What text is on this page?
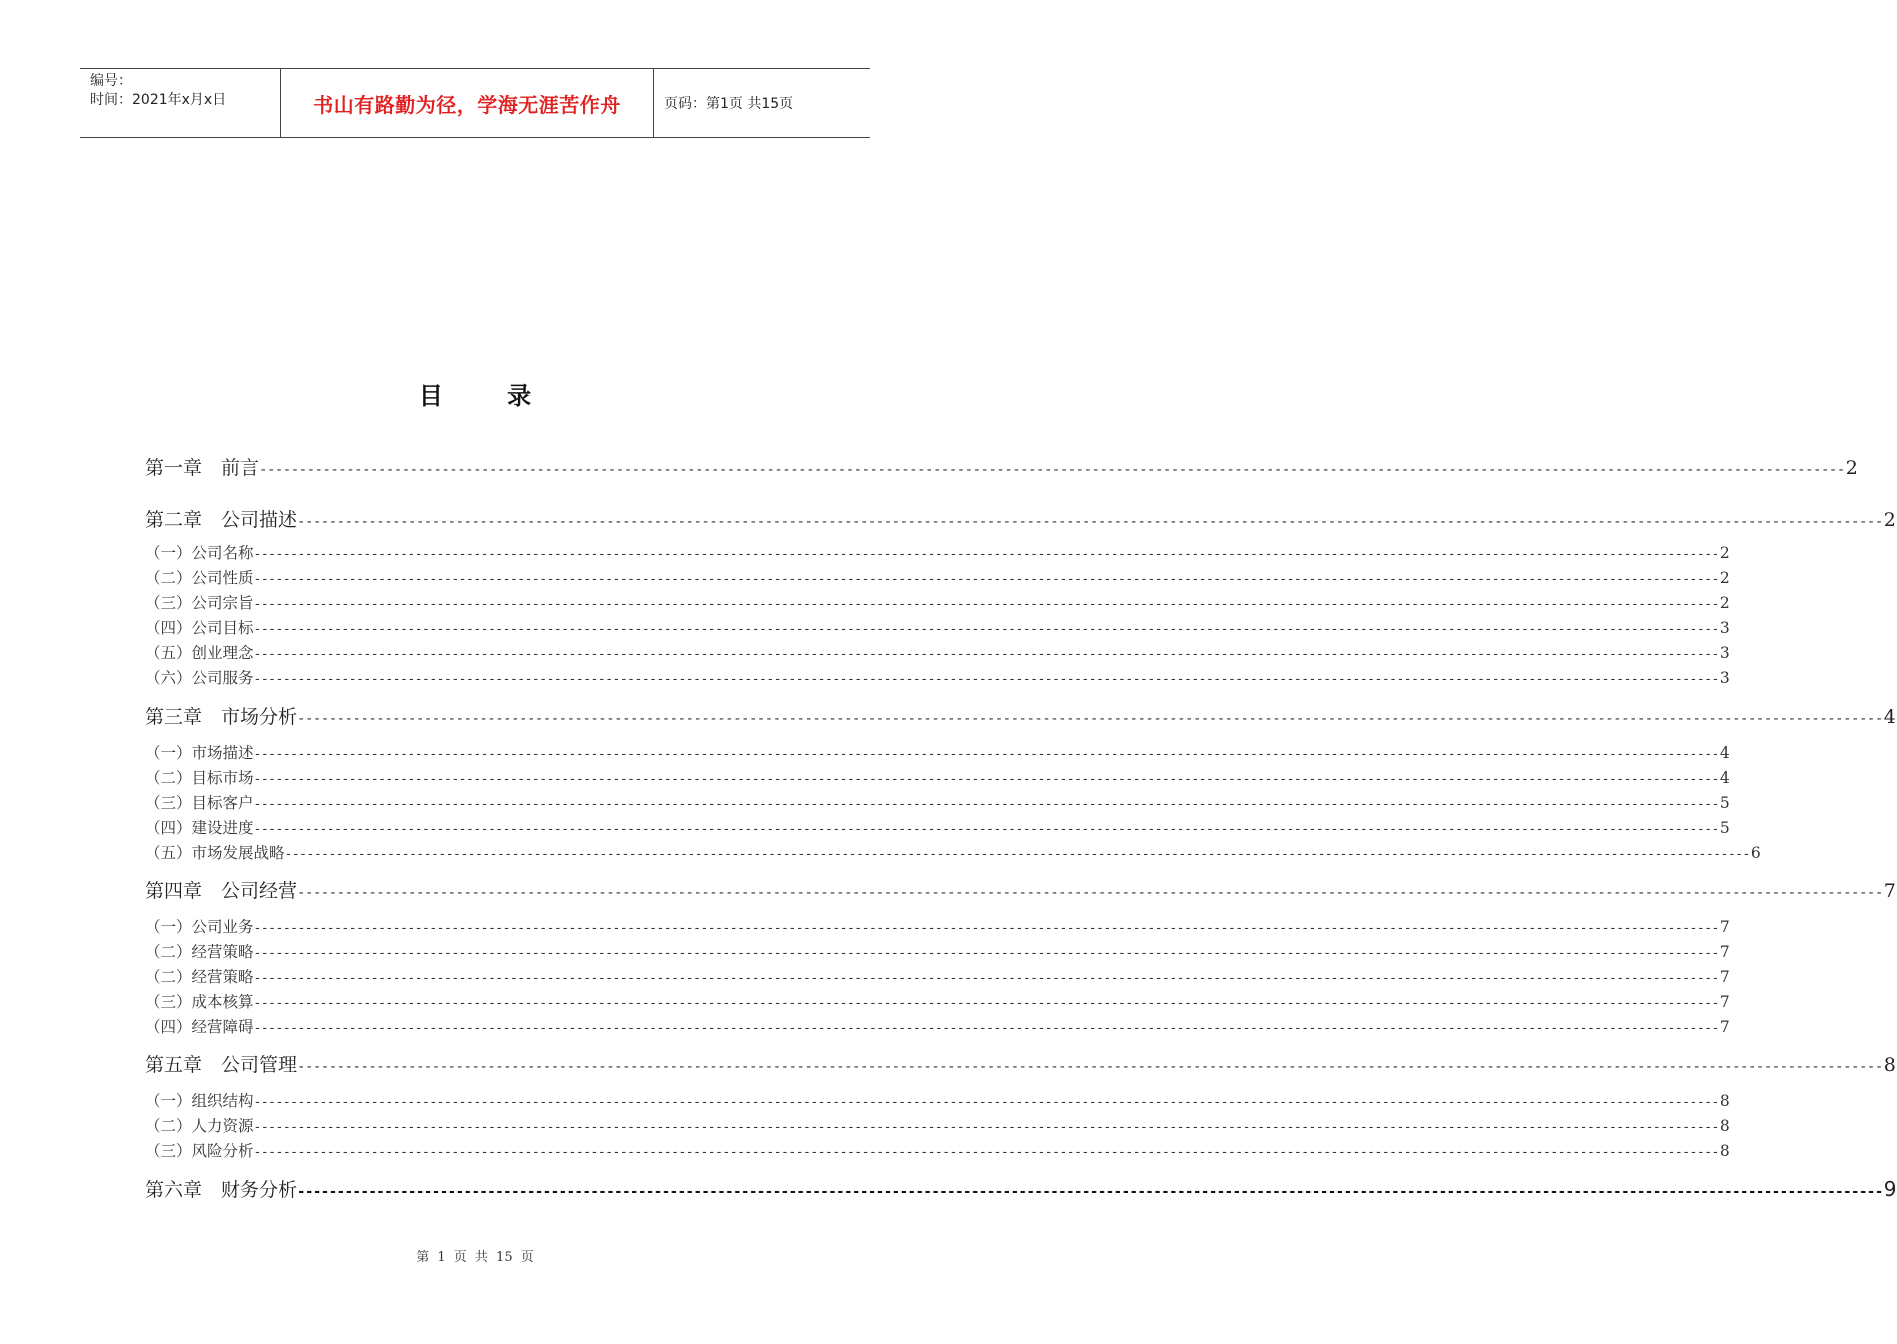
编号：
时间：2021年x月x日	书山有路勤为径，学海无涯苦作舟	页码：第1页 共15页
目 录
第一章　前言 -------------------------------------------------------------------------------------------------------------------------------------------------------------------------------------------------------- 2
第二章　公司描述 -------------------------------------------------------------------------------------------------------------------------------------------------------------------------------------------------------- 2
（一）公司名称 -------------------------------------------------------------------------------------------------------------------------------------------------------------------------------------------------------- 2
（二）公司性质 -------------------------------------------------------------------------------------------------------------------------------------------------------------------------------------------------------- 2
（三）公司宗旨 -------------------------------------------------------------------------------------------------------------------------------------------------------------------------------------------------------- 2
（四）公司目标 -------------------------------------------------------------------------------------------------------------------------------------------------------------------------------------------------------- 3
（五）创业理念 -------------------------------------------------------------------------------------------------------------------------------------------------------------------------------------------------------- 3
（六）公司服务 -------------------------------------------------------------------------------------------------------------------------------------------------------------------------------------------------------- 3
第三章　市场分析 -------------------------------------------------------------------------------------------------------------------------------------------------------------------------------------------------------- 4
（一）市场描述 -------------------------------------------------------------------------------------------------------------------------------------------------------------------------------------------------------- 4
（二）目标市场 -------------------------------------------------------------------------------------------------------------------------------------------------------------------------------------------------------- 4
（三）目标客户 -------------------------------------------------------------------------------------------------------------------------------------------------------------------------------------------------------- 5
（四）建设进度 -------------------------------------------------------------------------------------------------------------------------------------------------------------------------------------------------------- 5
（五）市场发展战略 -------------------------------------------------------------------------------------------------------------------------------------------------------------------------------------------------------- 6
第四章　公司经营 -------------------------------------------------------------------------------------------------------------------------------------------------------------------------------------------------------- 7
（一）公司业务 -------------------------------------------------------------------------------------------------------------------------------------------------------------------------------------------------------- 7
（二）经营策略 -------------------------------------------------------------------------------------------------------------------------------------------------------------------------------------------------------- 7
（二）经营策略 -------------------------------------------------------------------------------------------------------------------------------------------------------------------------------------------------------- 7
（三）成本核算 -------------------------------------------------------------------------------------------------------------------------------------------------------------------------------------------------------- 7
（四）经营障碍 -------------------------------------------------------------------------------------------------------------------------------------------------------------------------------------------------------- 7
第五章　公司管理 -------------------------------------------------------------------------------------------------------------------------------------------------------------------------------------------------------- 8
（一）组织结构 -------------------------------------------------------------------------------------------------------------------------------------------------------------------------------------------------------- 8
（二）人力资源 -------------------------------------------------------------------------------------------------------------------------------------------------------------------------------------------------------- 8
（三）风险分析 -------------------------------------------------------------------------------------------------------------------------------------------------------------------------------------------------------- 8
第六章　财务分析 -------------------------------------------------------------------------------------------------------------------------------------------------------------------------------------------------------- 9
第 1 页 共 15 页
